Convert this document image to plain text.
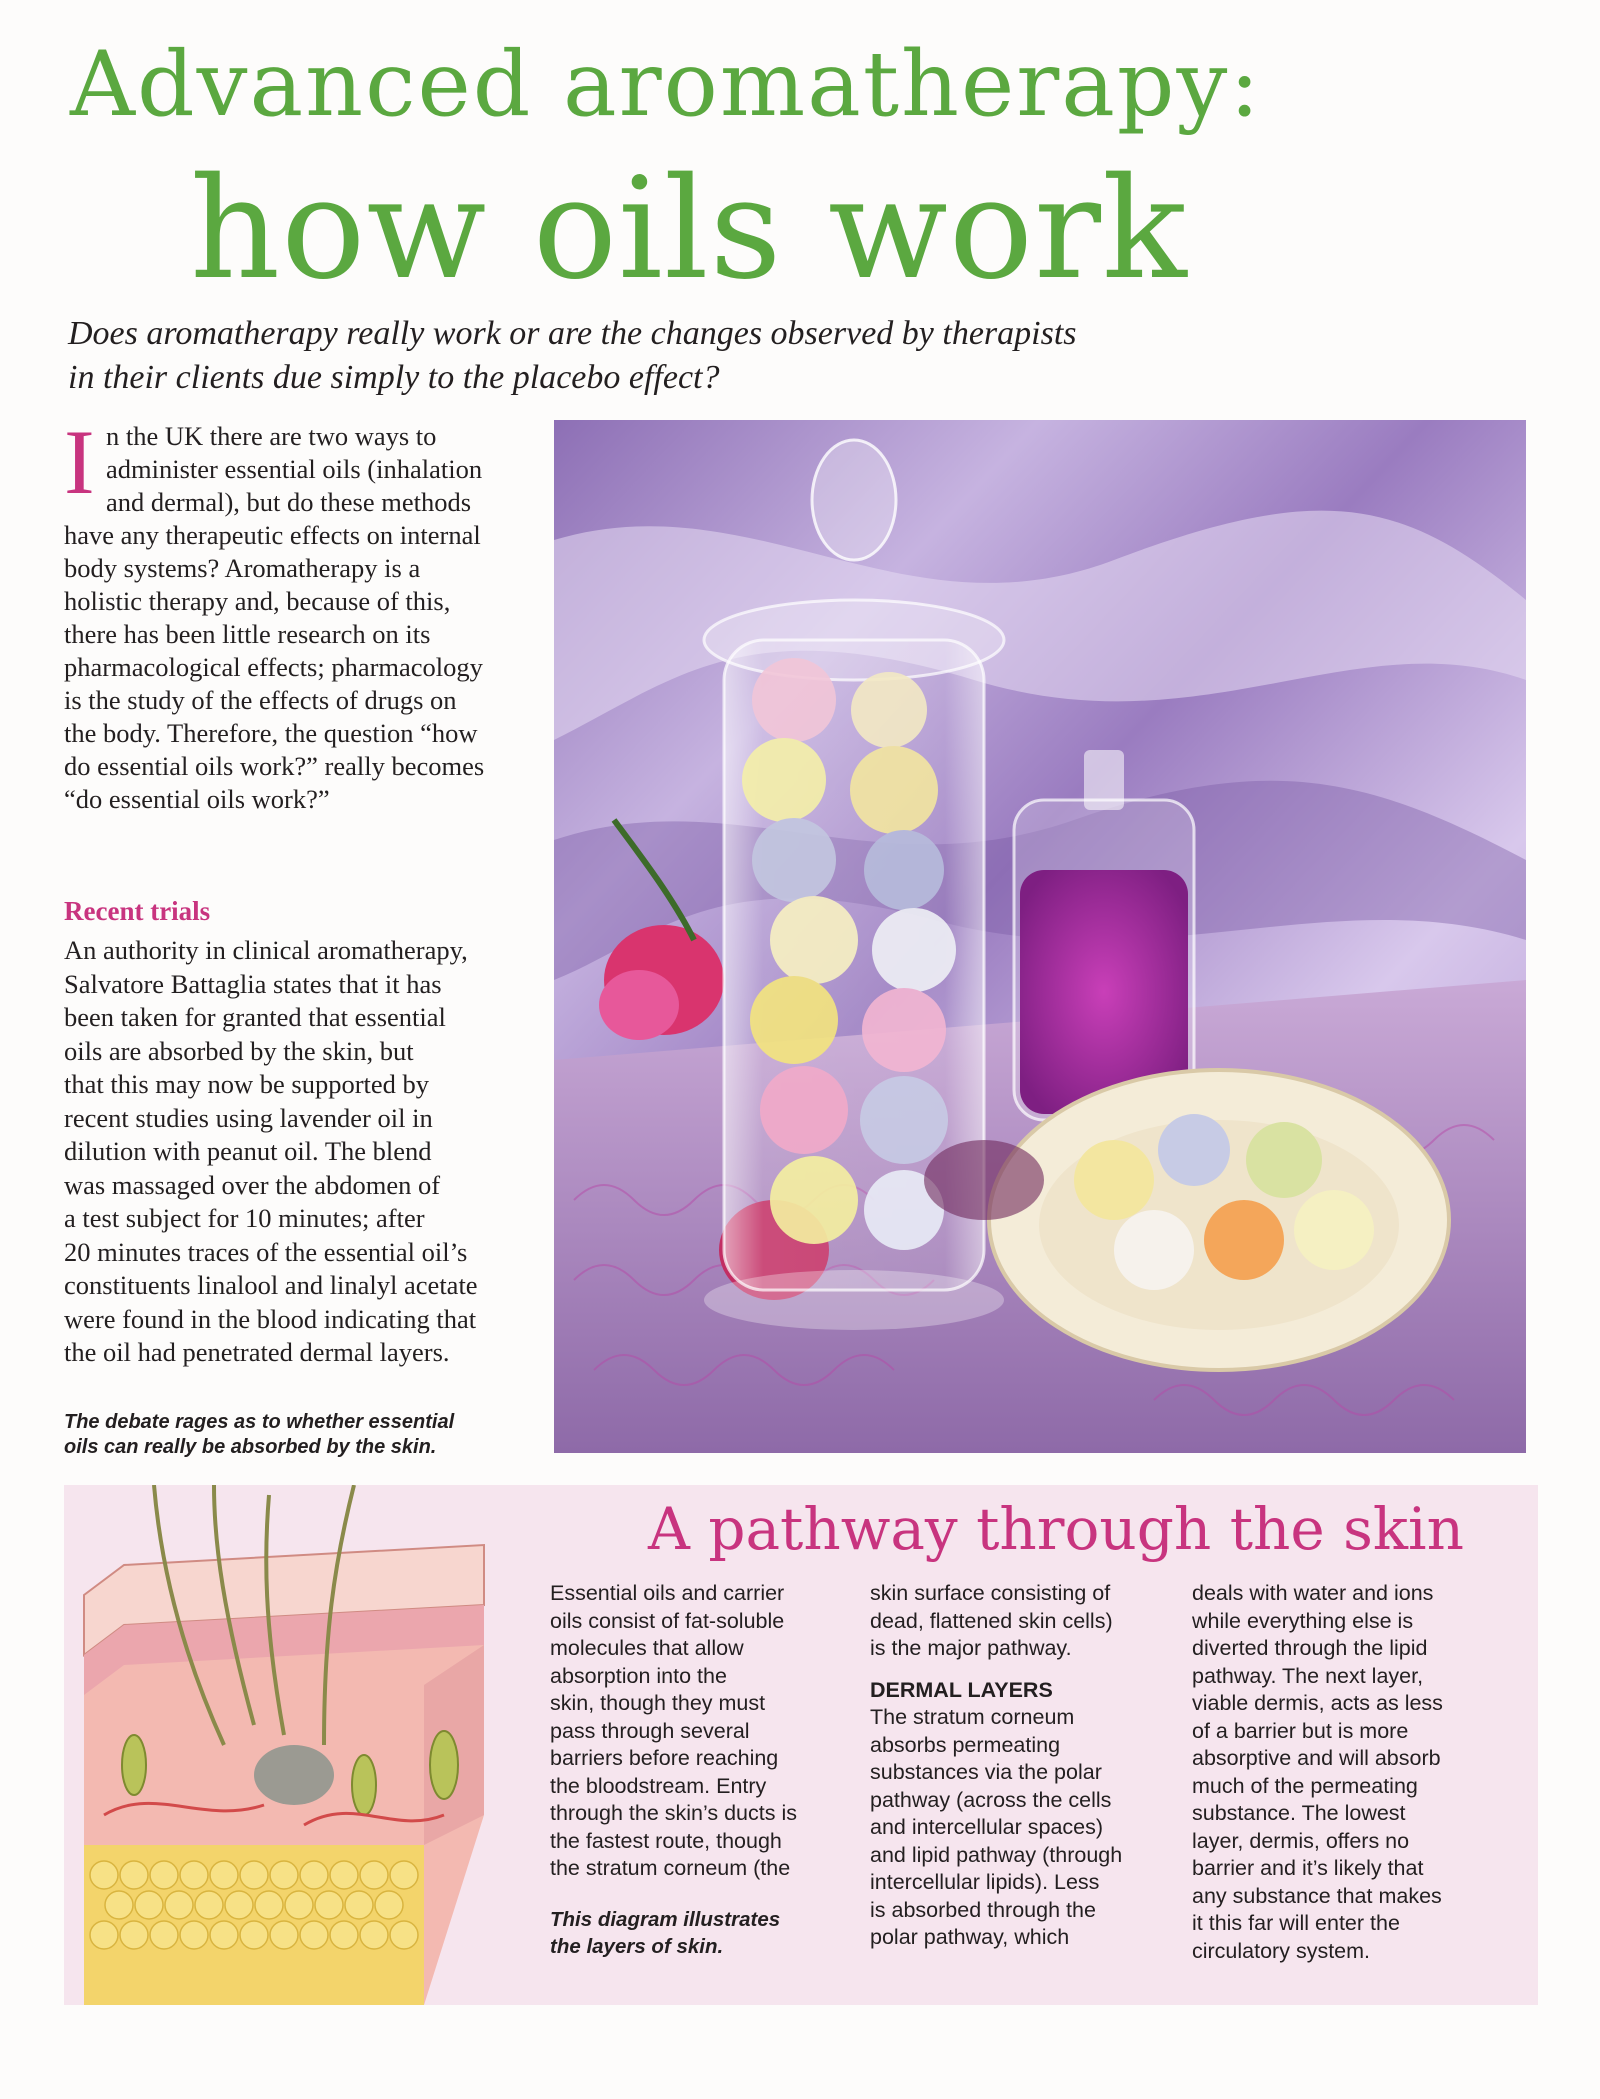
Advanced aromatherapy:
how oils work
Does aromatherapy really work or are the changes observed by therapists
in their clients due simply to the placebo effect?
I n the UK there are two ways to
administer essential oils (inhalation
and dermal), but do these methods
have any therapeutic effects on internal
body systems? Aromatherapy is a
holistic therapy and, because of this,
there has been little research on its
pharmacological effects; pharmacology
is the study of the effects of drugs on
the body. Therefore, the question “how
do essential oils work?” really becomes
“do essential oils work?”
Recent trials
An authority in clinical aromatherapy,
Salvatore Battaglia states that it has
been taken for granted that essential
oils are absorbed by the skin, but
that this may now be supported by
recent studies using lavender oil in
dilution with peanut oil. The blend
was massaged over the abdomen of
a test subject for 10 minutes; after
20 minutes traces of the essential oil’s
constituents linalool and linalyl acetate
were found in the blood indicating that
the oil had penetrated dermal layers.
The debate rages as to whether essential
oils can really be absorbed by the skin.
A pathway through the skin
Essential oils and carrier
oils consist of fat-soluble
molecules that allow
absorption into the
skin, though they must
pass through several
barriers before reaching
the bloodstream. Entry
through the skin’s ducts is
the fastest route, though
the stratum corneum (the
This diagram illustrates
the layers of skin.
skin surface consisting of
dead, flattened skin cells)
is the major pathway.
DERMAL LAYERS
The stratum corneum
absorbs permeating
substances via the polar
pathway (across the cells
and intercellular spaces)
and lipid pathway (through
intercellular lipids). Less
is absorbed through the
polar pathway, which
deals with water and ions
while everything else is
diverted through the lipid
pathway. The next layer,
viable dermis, acts as less
of a barrier but is more
absorptive and will absorb
much of the permeating
substance. The lowest
layer, dermis, offers no
barrier and it’s likely that
any substance that makes
it this far will enter the
circulatory system.
